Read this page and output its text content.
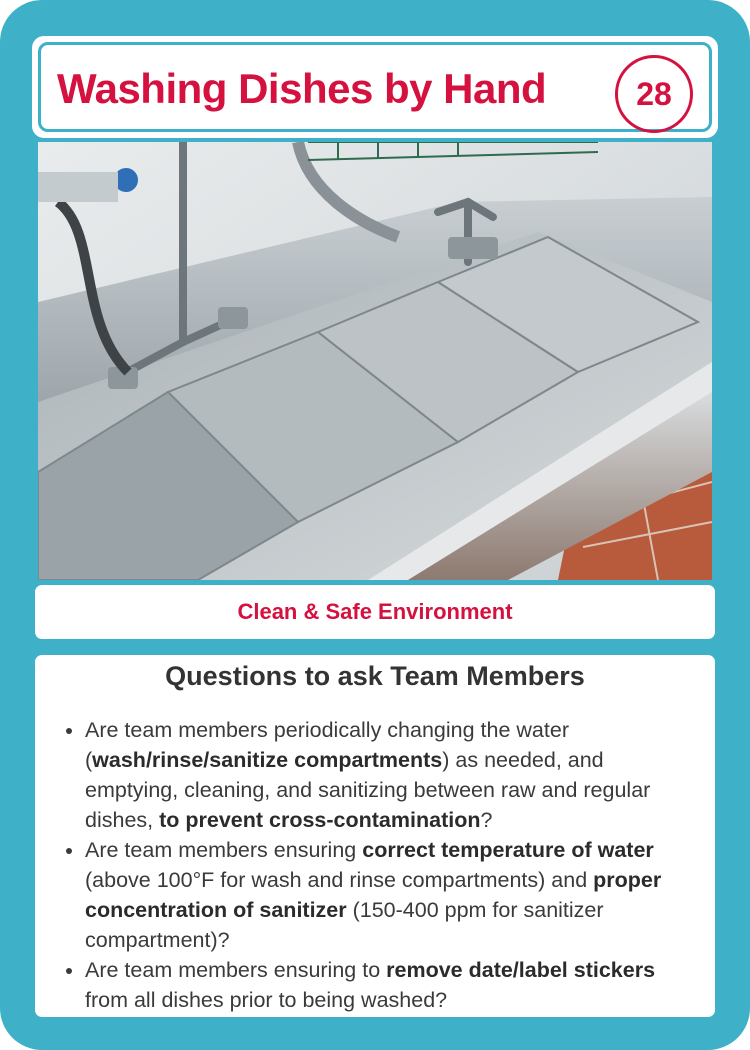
Washing Dishes by Hand	28
Clean & Safe Environment
Questions to ask Team Members
• Are team members periodically changing the water (wash/rinse/sanitize compartments) as needed, and emptying, cleaning, and sanitizing between raw and regular dishes, to prevent cross-contamination?
• Are team members ensuring correct temperature of water (above 100°F for wash and rinse compartments) and proper concentration of sanitizer (150-400 ppm for sanitizer compartment)?
• Are team members ensuring to remove date/label stickers from all dishes prior to being washed?
